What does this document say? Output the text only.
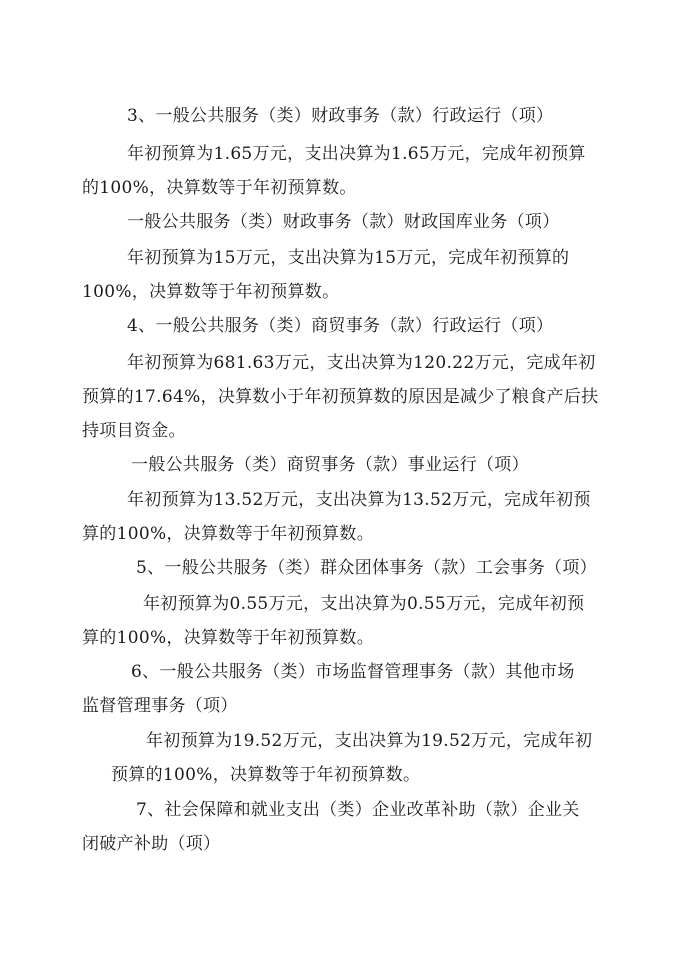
3、一般公共服务（类）财政事务（款）行政运行（项）
年初预算为1.65万元，支出决算为1.65万元，完成年初预算
的100%，决算数等于年初预算数。
一般公共服务（类）财政事务（款）财政国库业务（项）
年初预算为15万元，支出决算为15万元，完成年初预算的
100%，决算数等于年初预算数。
4、一般公共服务（类）商贸事务（款）行政运行（项）
年初预算为681.63万元，支出决算为120.22万元，完成年初
预算的17.64%，决算数小于年初预算数的原因是减少了粮食产后扶
持项目资金。
一般公共服务（类）商贸事务（款）事业运行（项）
年初预算为13.52万元，支出决算为13.52万元，完成年初预
算的100%，决算数等于年初预算数。
5、一般公共服务（类）群众团体事务（款）工会事务（项）
年初预算为0.55万元，支出决算为0.55万元，完成年初预
算的100%，决算数等于年初预算数。
6、一般公共服务（类）市场监督管理事务（款）其他市场
监督管理事务（项）
年初预算为19.52万元，支出决算为19.52万元，完成年初
预算的100%，决算数等于年初预算数。
7、社会保障和就业支出（类）企业改革补助（款）企业关
闭破产补助（项）
